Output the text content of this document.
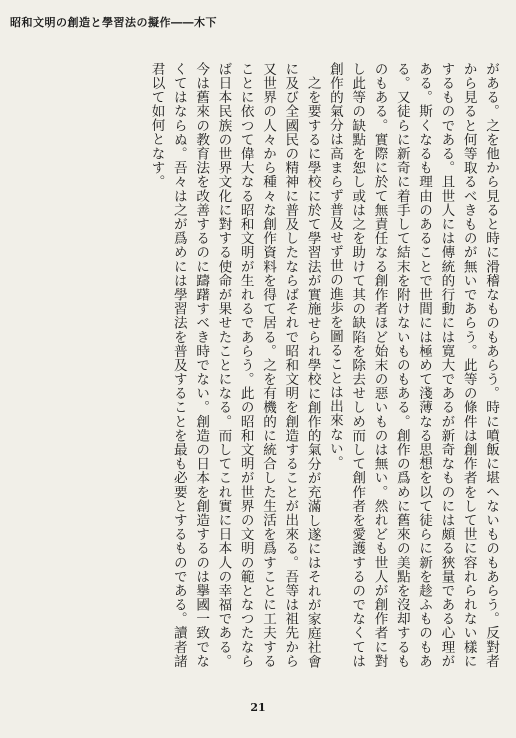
昭和文明の創造と學習法の擬作――木下

がある。之を他から見ると時に滑稽なものもあらう。時に噴飯に堪へないものもあらう。反對者から見ると何等取るべきものが無いであらう。此等の條件は創作者をして世に容れられない樣にするものである。且世人には傳統的行動には寛大であるが新奇なものには頗る狹量である心理がある。斯くなるも理由のあることで世間には極めて淺薄なる思想を以て徒らに新を趁ふものもある。又徒らに新奇に着手して結末を附けないものもある。創作の爲めに舊來の美點を沒却するものもある。實際に於て無責任なる創作者ほど始末の惡いものは無い。然れども世人が創作者に對し此等の缺點を恕し或は之を助けて其の缺陷を除去せしめ而して創作者を愛護するのでなくては創作的氣分は高まらず普及せず世の進歩を圖ることは出來ない。

之を要するに學校に於て學習法が實施せられ學校に創作的氣分が充滿し遂にはそれが家庭社會に及び全國民の精神に普及したならばそれで昭和文明を創造することが出來る。吾等は祖先から又世界の人々から種々な創作資料を得て居る。之を有機的に統合した生活を爲すことに工夫することに依つて偉大なる昭和文明が生れるであらう。此の昭和文明が世界の文明の範となつたならば日本民族の世界文化に對する使命が果せたことになる。而してこれ實に日本人の幸福である。今は舊來の教育法を改善するのに躊躇すべき時でない。創造の日本を創造するのは擧國一致でなくてはならぬ。吾々は之が爲めには學習法を普及することを最も必要とするものである。讀者諸君以て如何となす。

21
